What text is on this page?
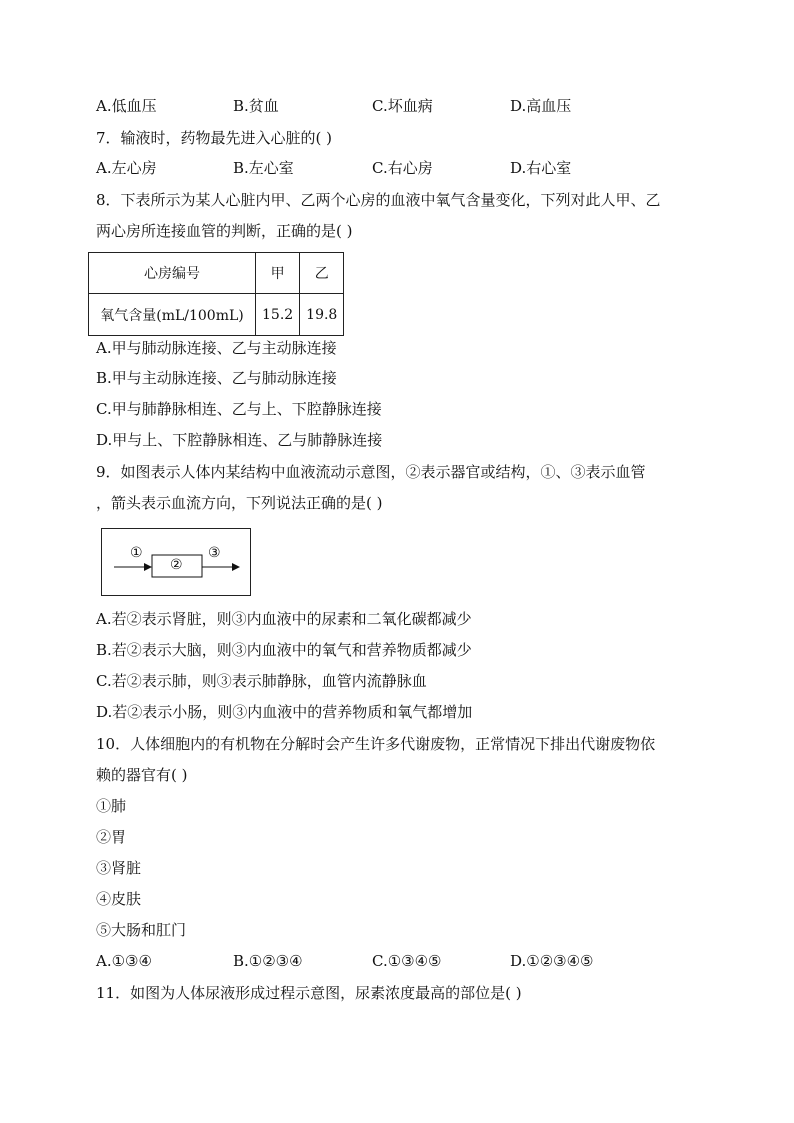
A.低血压	B.贫血	C.坏血病	D.高血压
7．输液时，药物最先进入心脏的( )
A.左心房	B.左心室	C.右心房	D.右心室
8．下表所示为某人心脏内甲、乙两个心房的血液中氧气含量变化，下列对此人甲、乙
两心房所连接血管的判断，正确的是( )
心房编号	甲	乙
氧气含量(mL/100mL)	15.2	19.8
A.甲与肺动脉连接、乙与主动脉连接
B.甲与主动脉连接、乙与肺动脉连接
C.甲与肺静脉相连、乙与上、下腔静脉连接
D.甲与上、下腔静脉相连、乙与肺静脉连接
9．如图表示人体内某结构中血液流动示意图，②表示器官或结构，①、③表示血管
，箭头表示血流方向，下列说法正确的是( )
①
②
③
A.若②表示肾脏，则③内血液中的尿素和二氧化碳都减少
B.若②表示大脑，则③内血液中的氧气和营养物质都减少
C.若②表示肺，则③表示肺静脉，血管内流静脉血
D.若②表示小肠，则③内血液中的营养物质和氧气都增加
10．人体细胞内的有机物在分解时会产生许多代谢废物，正常情况下排出代谢废物依
赖的器官有( )
①肺
②胃
③肾脏
④皮肤
⑤大肠和肛门
A.①③④	B.①②③④	C.①③④⑤	D.①②③④⑤
11．如图为人体尿液形成过程示意图，尿素浓度最高的部位是( )
